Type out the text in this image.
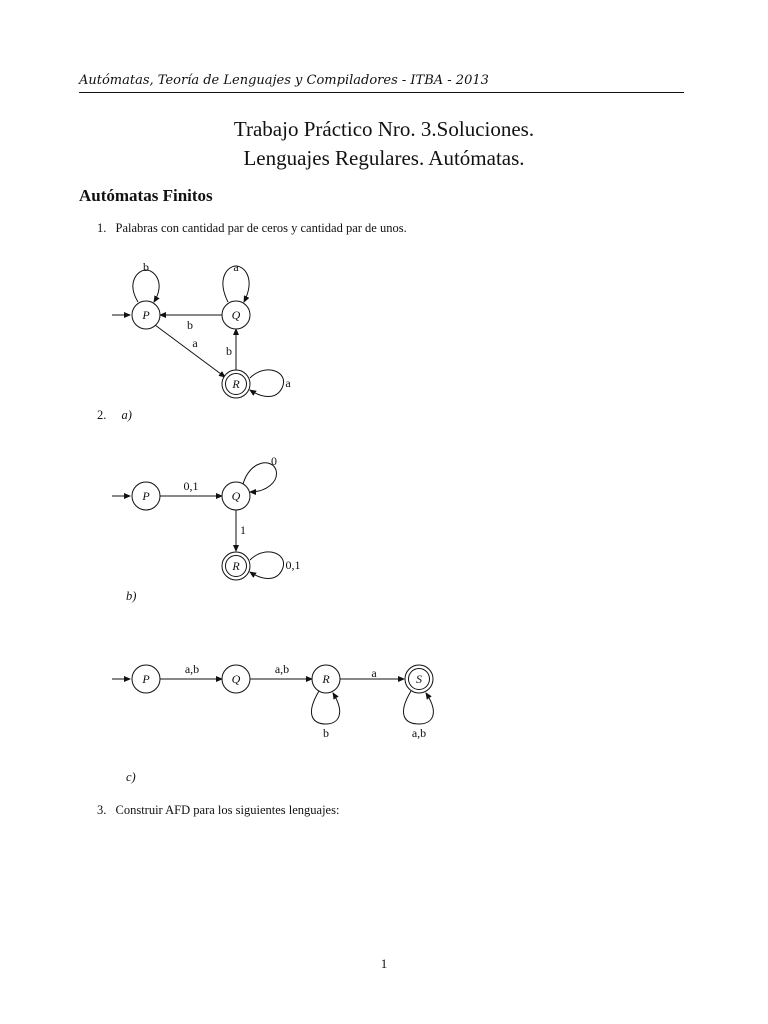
Autómatas, Teoría de Lenguajes y Compiladores - ITBA - 2013
Trabajo Práctico Nro. 3.Soluciones.
Lenguajes Regulares. Autómatas.
Autómatas Finitos
1. Palabras con cantidad par de ceros y cantidad par de unos.
2. a)
b)
c)
3. Construir AFD para los siguientes lenguajes:
P	Q
R
b	a
b
a
b
a
P	Q
R
0,1
0
1
0,1
P	Q	R	S
a,b	a,b
b
a
a,b
1
